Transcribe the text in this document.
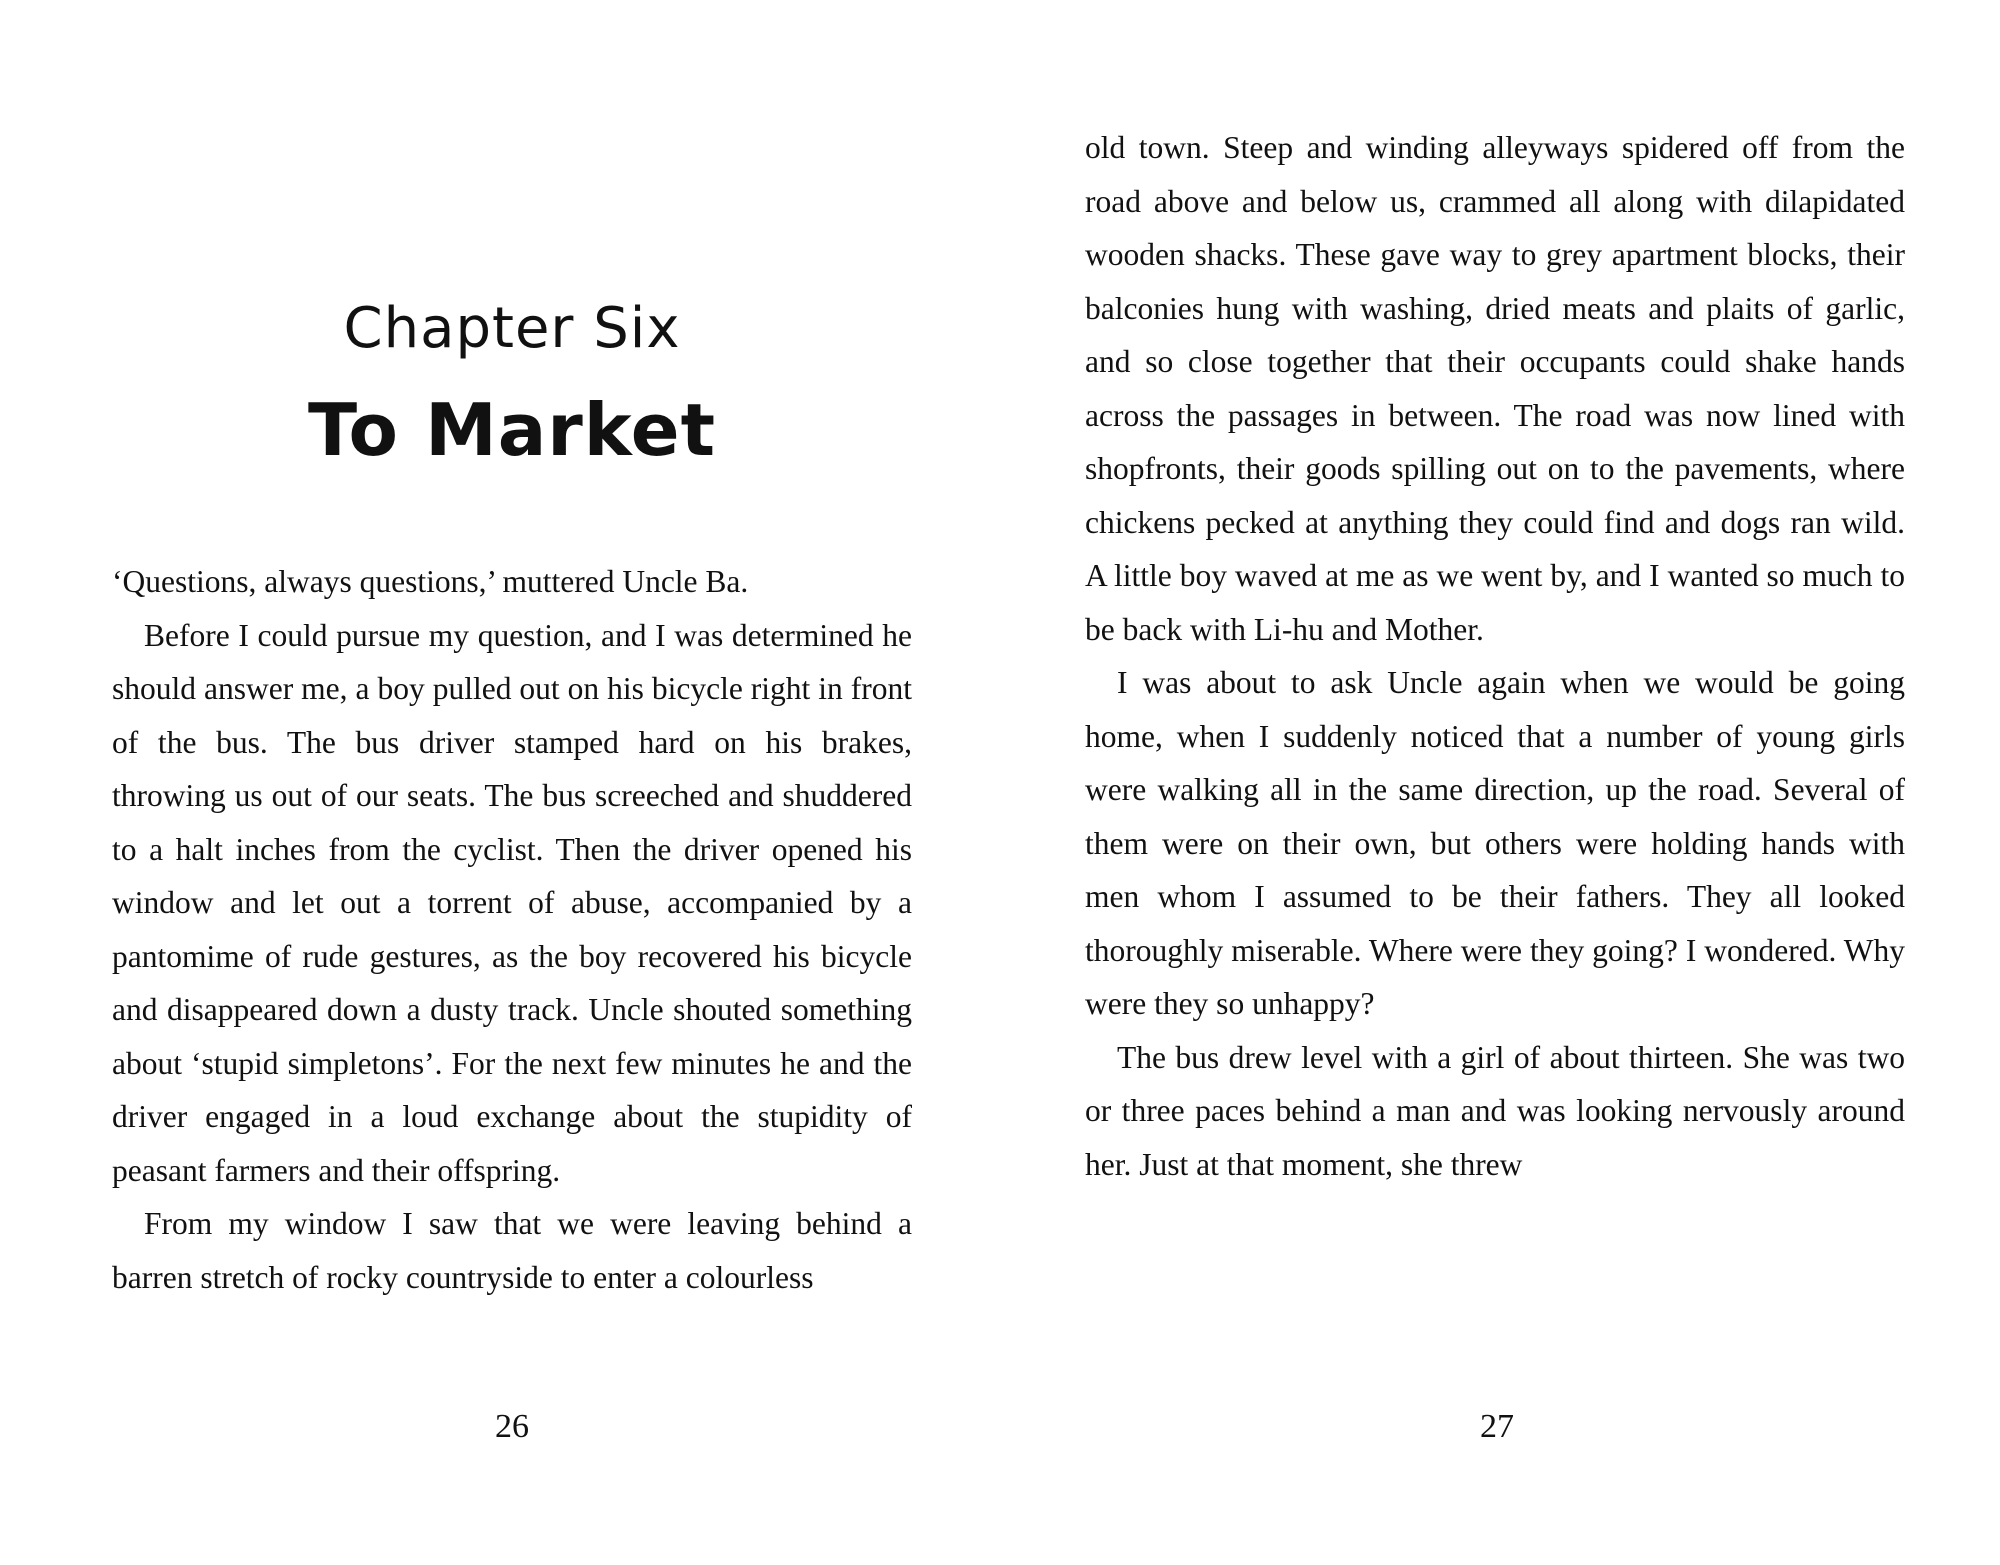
Chapter Six
To Market

‘Questions, always questions,’ muttered Uncle Ba.

Before I could pursue my question, and I was determined he should answer me, a boy pulled out on his bicycle right in front of the bus. The bus driver stamped hard on his brakes, throwing us out of our seats. The bus screeched and shuddered to a halt inches from the cyclist. Then the driver opened his window and let out a torrent of abuse, accompanied by a pantomime of rude gestures, as the boy recovered his bicycle and disappeared down a dusty track. Uncle shouted something about ‘stupid simpletons’. For the next few minutes he and the driver engaged in a loud exchange about the stupidity of peasant farmers and their offspring.

From my window I saw that we were leaving behind a barren stretch of rocky countryside to enter a colourless

26

old town. Steep and winding alleyways spidered off from the road above and below us, crammed all along with dilapidated wooden shacks. These gave way to grey apartment blocks, their balconies hung with washing, dried meats and plaits of garlic, and so close together that their occupants could shake hands across the passages in between. The road was now lined with shopfronts, their goods spilling out on to the pavements, where chickens pecked at anything they could find and dogs ran wild. A little boy waved at me as we went by, and I wanted so much to be back with Li-hu and Mother.

I was about to ask Uncle again when we would be going home, when I suddenly noticed that a number of young girls were walking all in the same direction, up the road. Several of them were on their own, but others were holding hands with men whom I assumed to be their fathers. They all looked thoroughly miserable. Where were they going? I wondered. Why were they so unhappy?

The bus drew level with a girl of about thirteen. She was two or three paces behind a man and was looking nervously around her. Just at that moment, she threw

27
